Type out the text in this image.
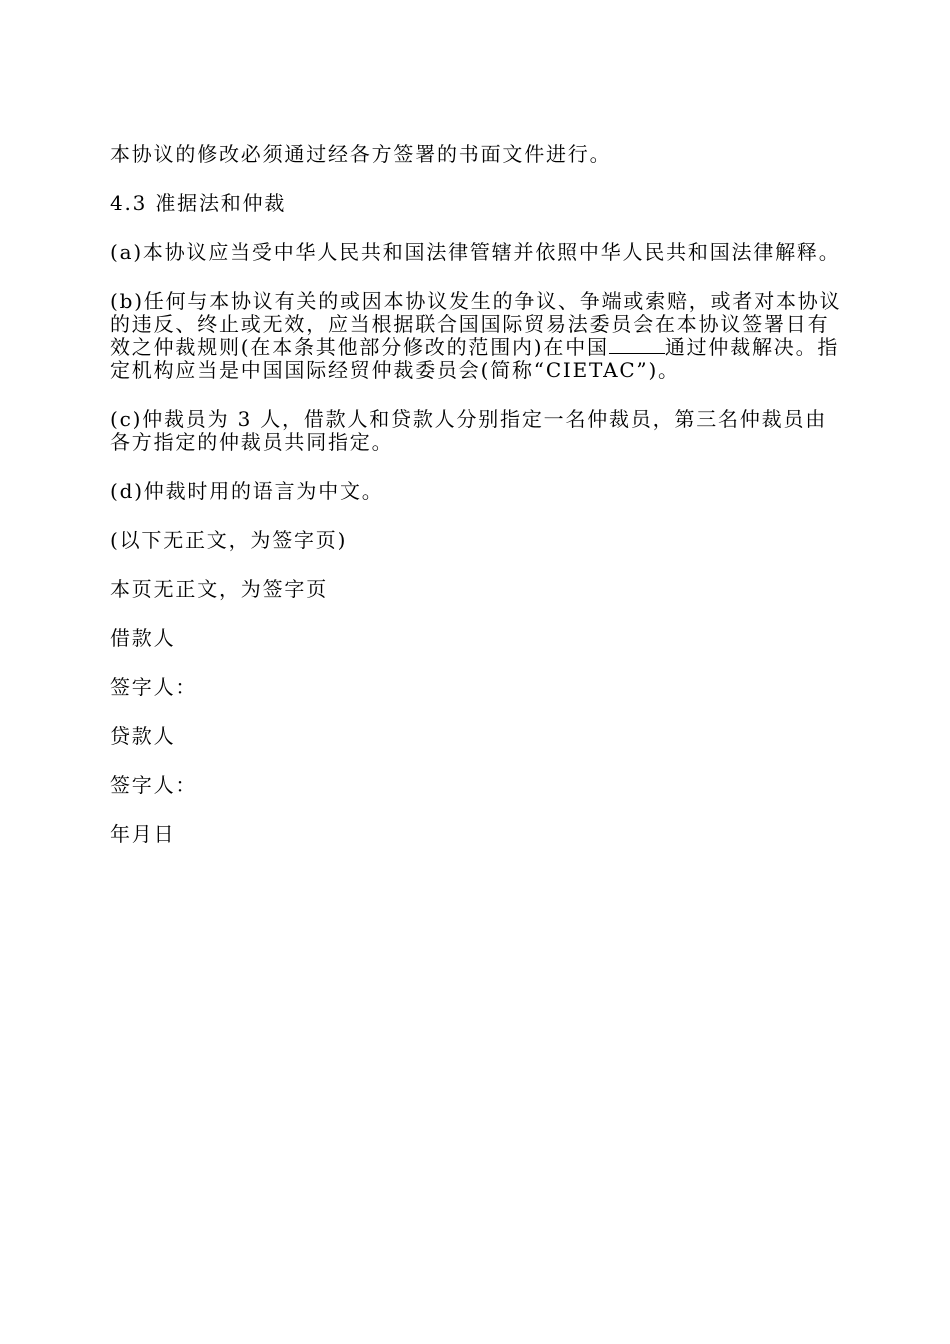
本协议的修改必须通过经各方签署的书面文件进行。

4.3 准据法和仲裁

(a)本协议应当受中华人民共和国法律管辖并依照中华人民共和国法律解释。

(b)任何与本协议有关的或因本协议发生的争议、争端或索赔，或者对本协议的违反、终止或无效，应当根据联合国国际贸易法委员会在本协议签署日有效之仲裁规则(在本条其他部分修改的范围内)在中国	通过仲裁解决。指定机构应当是中国国际经贸仲裁委员会(简称“CIETAC”)。

(c)仲裁员为 3 人，借款人和贷款人分别指定一名仲裁员，第三名仲裁员由各方指定的仲裁员共同指定。

(d)仲裁时用的语言为中文。

(以下无正文，为签字页)

本页无正文，为签字页

借款人

签字人：

贷款人

签字人：

年月日
